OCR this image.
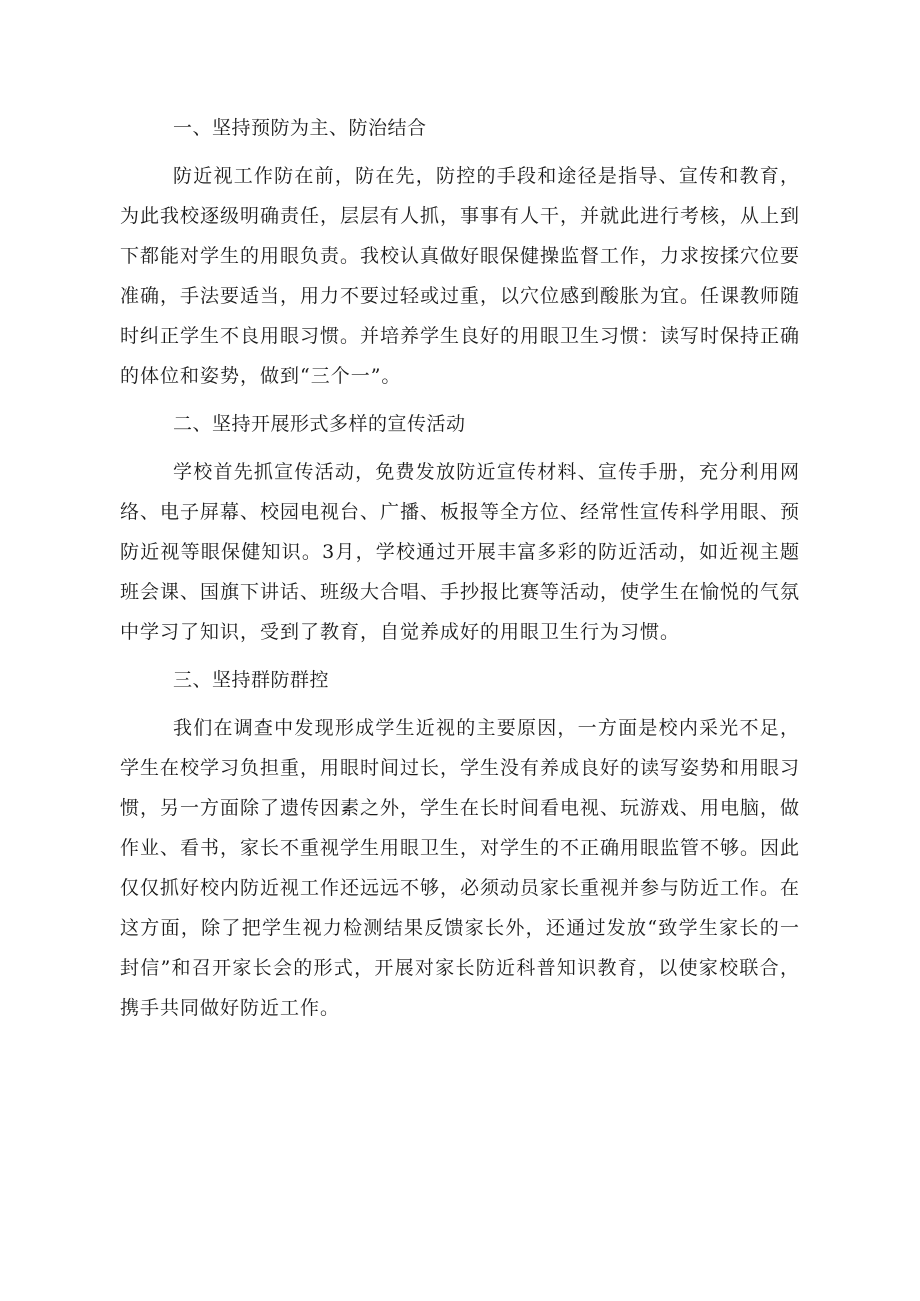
一、坚持预防为主、防治结合

防近视工作防在前，防在先，防控的手段和途径是指导、宣传和教育，为此我校逐级明确责任，层层有人抓，事事有人干，并就此进行考核，从上到下都能对学生的用眼负责。我校认真做好眼保健操监督工作，力求按揉穴位要准确，手法要适当，用力不要过轻或过重，以穴位感到酸胀为宜。任课教师随时纠正学生不良用眼习惯。并培养学生良好的用眼卫生习惯：读写时保持正确的体位和姿势，做到“三个一”。

二、坚持开展形式多样的宣传活动

学校首先抓宣传活动，免费发放防近宣传材料、宣传手册，充分利用网络、电子屏幕、校园电视台、广播、板报等全方位、经常性宣传科学用眼、预防近视等眼保健知识。3月，学校通过开展丰富多彩的防近活动，如近视主题班会课、国旗下讲话、班级大合唱、手抄报比赛等活动，使学生在愉悦的气氛中学习了知识，受到了教育，自觉养成好的用眼卫生行为习惯。

三、坚持群防群控

我们在调查中发现形成学生近视的主要原因，一方面是校内采光不足，学生在校学习负担重，用眼时间过长，学生没有养成良好的读写姿势和用眼习惯，另一方面除了遗传因素之外，学生在长时间看电视、玩游戏、用电脑，做作业、看书，家长不重视学生用眼卫生，对学生的不正确用眼监管不够。因此仅仅抓好校内防近视工作还远远不够，必须动员家长重视并参与防近工作。在这方面，除了把学生视力检测结果反馈家长外，还通过发放“致学生家长的一封信”和召开家长会的形式，开展对家长防近科普知识教育，以使家校联合，携手共同做好防近工作。
